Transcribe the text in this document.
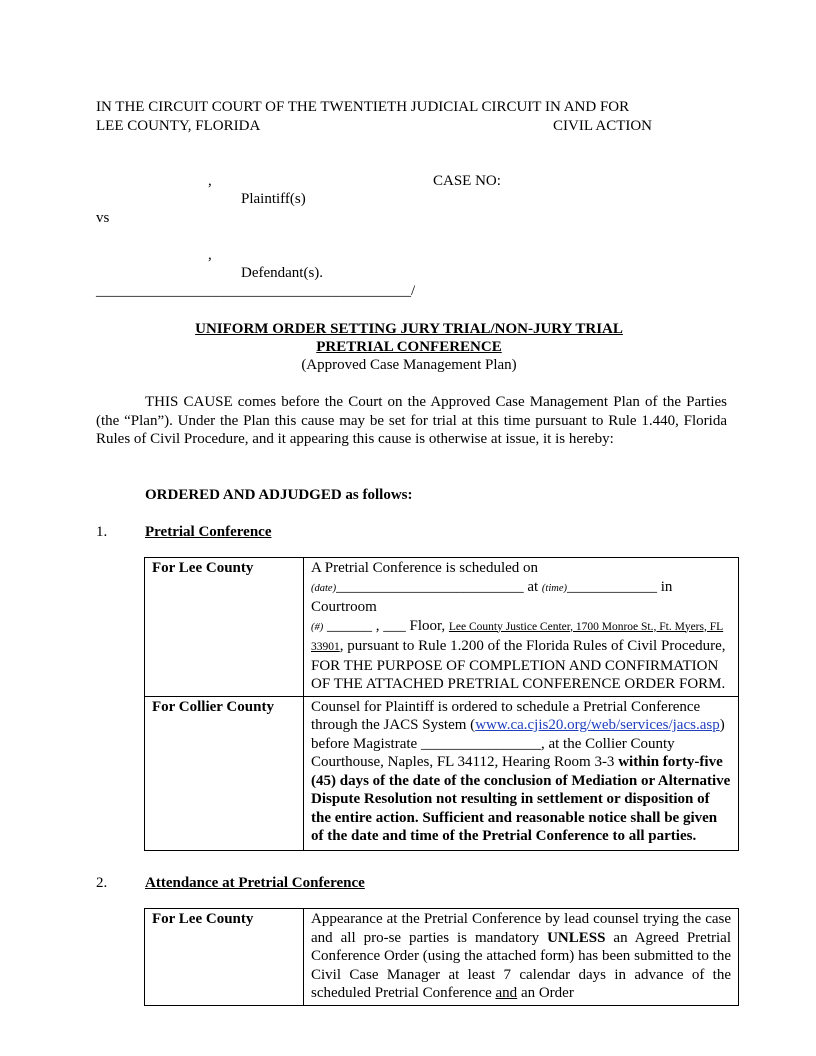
IN THE CIRCUIT COURT OF THE TWENTIETH JUDICIAL CIRCUIT IN AND FOR
LEE COUNTY, FLORIDA	CIVIL ACTION
,	CASE NO:
Plaintiff(s)
vs
,
Defendant(s).
__________________________________________/
UNIFORM ORDER SETTING JURY TRIAL/NON-JURY TRIAL
PRETRIAL CONFERENCE
(Approved Case Management Plan)
THIS CAUSE comes before the Court on the Approved Case Management Plan of the Parties (the “Plan”). Under the Plan this cause may be set for trial at this time pursuant to Rule 1.440, Florida Rules of Civil Procedure, and it appearing this cause is otherwise at issue, it is hereby:
ORDERED AND ADJUDGED as follows:
1.	Pretrial Conference
For Lee County	A Pretrial Conference is scheduled on
(date)_________________________ at (time)____________ in Courtroom
(#) ______ , ___ Floor, Lee County Justice Center, 1700 Monroe St., Ft. Myers, FL 33901, pursuant to Rule 1.200 of the Florida Rules of Civil Procedure, FOR THE PURPOSE OF COMPLETION AND CONFIRMATION OF THE ATTACHED PRETRIAL CONFERENCE ORDER FORM.

For Collier County	Counsel for Plaintiff is ordered to schedule a Pretrial Conference through the JACS System (www.ca.cjis20.org/web/services/jacs.asp) before Magistrate ________________, at the Collier County Courthouse, Naples, FL 34112, Hearing Room 3-3 within forty-five (45) days of the date of the conclusion of Mediation or Alternative Dispute Resolution not resulting in settlement or disposition of the entire action. Sufficient and reasonable notice shall be given of the date and time of the Pretrial Conference to all parties.
2.	Attendance at Pretrial Conference
For Lee County	Appearance at the Pretrial Conference by lead counsel trying the case and all pro-se parties is mandatory UNLESS an Agreed Pretrial Conference Order (using the attached form) has been submitted to the Civil Case Manager at least 7 calendar days in advance of the scheduled Pretrial Conference and an Order
